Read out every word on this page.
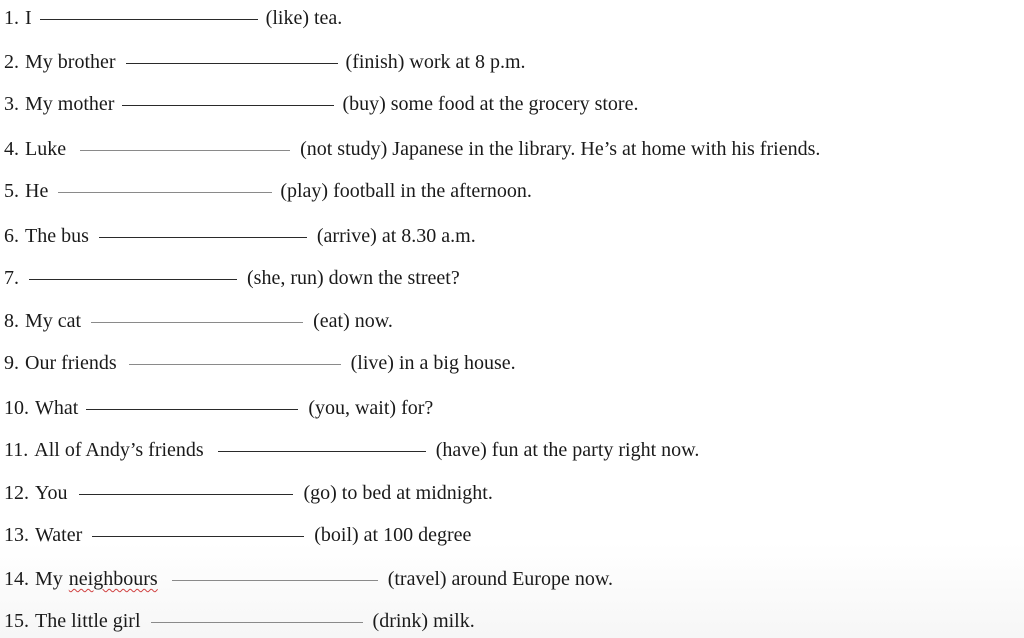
1. I	(like) tea.
2. My brother	(finish) work at 8 p.m.
3. My mother	(buy) some food at the grocery store.
4. Luke	(not study) Japanese in the library. He’s at home with his friends.
5. He	(play) football in the afternoon.
6. The bus	(arrive) at 8.30 a.m.
7.	(she, run) down the street?
8. My cat	(eat) now.
9. Our friends	(live) in a big house.
10. What	(you, wait) for?
11. All of Andy’s friends	(have) fun at the party right now.
12. You	(go) to bed at midnight.
13. Water	(boil) at 100 degree
14. My neighbours	(travel) around Europe now.
15. The little girl	(drink) milk.
